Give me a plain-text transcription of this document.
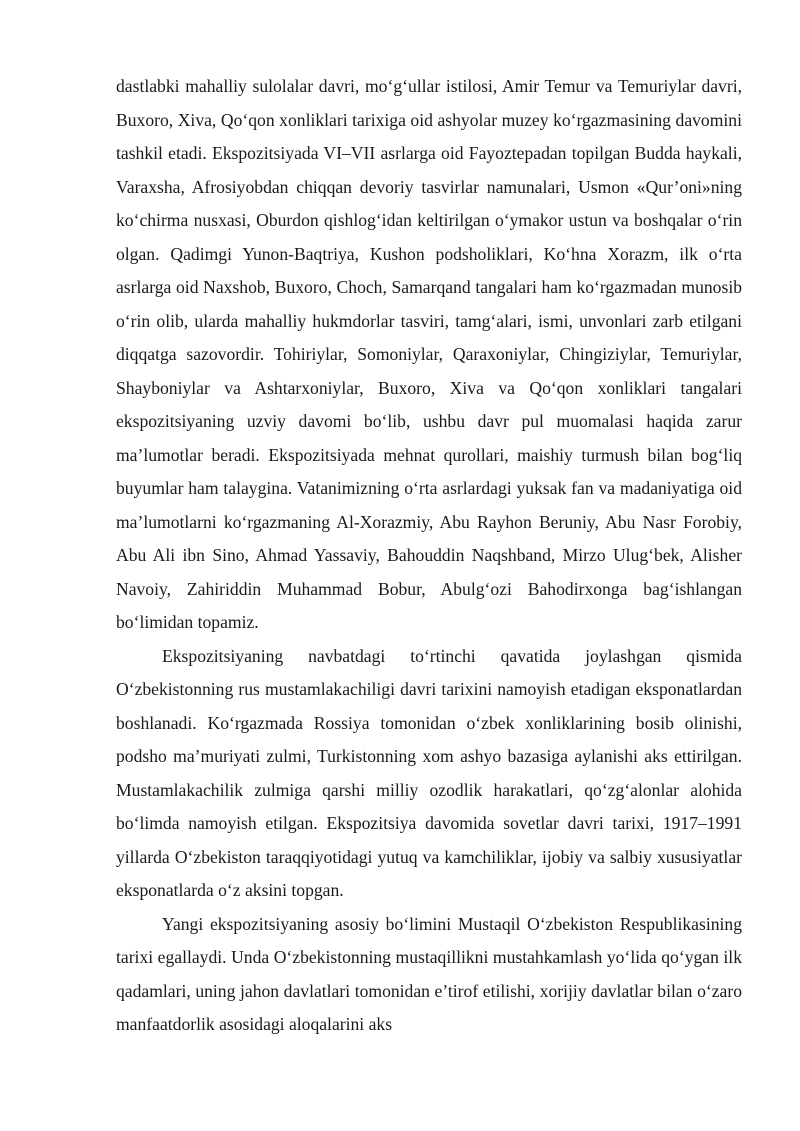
dastlabki mahalliy sulolalar davri, mo‘g‘ullar istilosi, Amir Temur va Temuriylar davri, Buxoro, Xiva, Qo‘qon xonliklari tarixiga oid ashyolar muzey ko‘rgazmasining davomini tashkil etadi. Ekspozitsiyada VI–VII asrlarga oid Fayoztepadan topilgan Budda haykali, Varaxsha, Afrosiyobdan chiqqan devoriy tasvirlar namunalari, Usmon «Qur’oni»ning ko‘chirma nusxasi, Oburdon qishlog‘idan keltirilgan o‘ymakor ustun va boshqalar o‘rin olgan. Qadimgi Yunon-Baqtriya, Kushon podsholiklari, Ko‘hna Xorazm, ilk o‘rta asrlarga oid Naxshob, Buxoro, Choch, Samarqand tangalari ham ko‘rgazmadan munosib o‘rin olib, ularda mahalliy hukmdorlar tasviri, tamg‘alari, ismi, unvonlari zarb etilgani diqqatga sazovordir. Tohiriylar, Somoniylar, Qaraxoniylar, Chingiziylar, Temuriylar, Shayboniylar va Ashtarxoniylar, Buxoro, Xiva va Qo‘qon xonliklari tangalari ekspozitsiyaning uzviy davomi bo‘lib, ushbu davr pul muomalasi haqida zarur ma’lumotlar beradi. Ekspozitsiyada mehnat qurollari, maishiy turmush bilan bog‘liq buyumlar ham talaygina. Vatanimizning o‘rta asrlardagi yuksak fan va madaniyatiga oid ma’lumotlarni ko‘rgazmaning Al-Xorazmiy, Abu Rayhon Beruniy, Abu Nasr Forobiy, Abu Ali ibn Sino, Ahmad Yassaviy, Bahouddin Naqshband, Mirzo Ulug‘bek, Alisher Navoiy, Zahiriddin Muhammad Bobur, Abulg‘ozi Bahodirxonga bag‘ishlangan bo‘limidan topamiz.

Ekspozitsiyaning navbatdagi to‘rtinchi qavatida joylashgan qismida O‘zbekistonning rus mustamlakachiligi davri tarixini namoyish etadigan eksponatlardan boshlanadi. Ko‘rgazmada Rossiya tomonidan o‘zbek xonliklarining bosib olinishi, podsho ma’muriyati zulmi, Turkistonning xom ashyo bazasiga aylanishi aks ettirilgan. Mustamlakachilik zulmiga qarshi milliy ozodlik harakatlari, qo‘zg‘alonlar alohida bo‘limda namoyish etilgan. Ekspozitsiya davomida sovetlar davri tarixi, 1917–1991 yillarda O‘zbekiston taraqqiyotidagi yutuq va kamchiliklar, ijobiy va salbiy xususiyatlar eksponatlarda o‘z aksini topgan.

Yangi ekspozitsiyaning asosiy bo‘limini Mustaqil O‘zbekiston Respublikasining tarixi egallaydi. Unda O‘zbekistonning mustaqillikni mustahkamlash yo‘lida qo‘ygan ilk qadamlari, uning jahon davlatlari tomonidan e’tirof etilishi, xorijiy davlatlar bilan o‘zaro manfaatdorlik asosidagi aloqalarini aks
